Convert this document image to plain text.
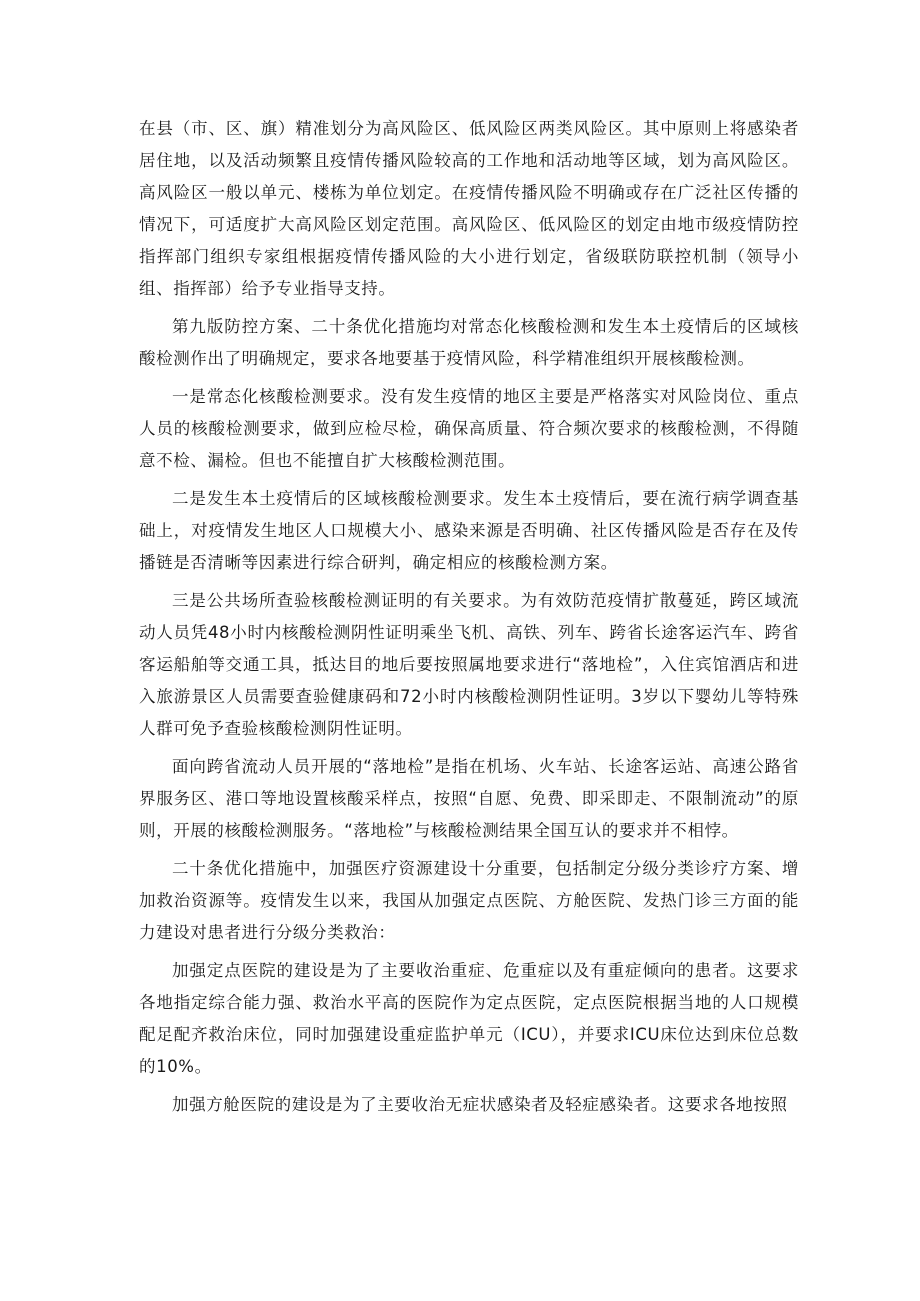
在县（市、区、旗）精准划分为高风险区、低风险区两类风险区。其中原则上将感染者居住地，以及活动频繁且疫情传播风险较高的工作地和活动地等区域，划为高风险区。高风险区一般以单元、楼栋为单位划定。在疫情传播风险不明确或存在广泛社区传播的情况下，可适度扩大高风险区划定范围。高风险区、低风险区的划定由地市级疫情防控指挥部门组织专家组根据疫情传播风险的大小进行划定，省级联防联控机制（领导小组、指挥部）给予专业指导支持。

第九版防控方案、二十条优化措施均对常态化核酸检测和发生本土疫情后的区域核酸检测作出了明确规定，要求各地要基于疫情风险，科学精准组织开展核酸检测。

一是常态化核酸检测要求。没有发生疫情的地区主要是严格落实对风险岗位、重点人员的核酸检测要求，做到应检尽检，确保高质量、符合频次要求的核酸检测，不得随意不检、漏检。但也不能擅自扩大核酸检测范围。

二是发生本土疫情后的区域核酸检测要求。发生本土疫情后，要在流行病学调查基础上，对疫情发生地区人口规模大小、感染来源是否明确、社区传播风险是否存在及传播链是否清晰等因素进行综合研判，确定相应的核酸检测方案。

三是公共场所查验核酸检测证明的有关要求。为有效防范疫情扩散蔓延，跨区域流动人员凭48小时内核酸检测阴性证明乘坐飞机、高铁、列车、跨省长途客运汽车、跨省客运船舶等交通工具，抵达目的地后要按照属地要求进行“落地检”，入住宾馆酒店和进入旅游景区人员需要查验健康码和72小时内核酸检测阴性证明。3岁以下婴幼儿等特殊人群可免予查验核酸检测阴性证明。

面向跨省流动人员开展的“落地检”是指在机场、火车站、长途客运站、高速公路省界服务区、港口等地设置核酸采样点，按照“自愿、免费、即采即走、不限制流动”的原则，开展的核酸检测服务。“落地检”与核酸检测结果全国互认的要求并不相悖。

二十条优化措施中，加强医疗资源建设十分重要，包括制定分级分类诊疗方案、增加救治资源等。疫情发生以来，我国从加强定点医院、方舱医院、发热门诊三方面的能力建设对患者进行分级分类救治：

加强定点医院的建设是为了主要收治重症、危重症以及有重症倾向的患者。这要求各地指定综合能力强、救治水平高的医院作为定点医院，定点医院根据当地的人口规模配足配齐救治床位，同时加强建设重症监护单元（ICU），并要求ICU床位达到床位总数的10%。

加强方舱医院的建设是为了主要收治无症状感染者及轻症感染者。这要求各地按照
